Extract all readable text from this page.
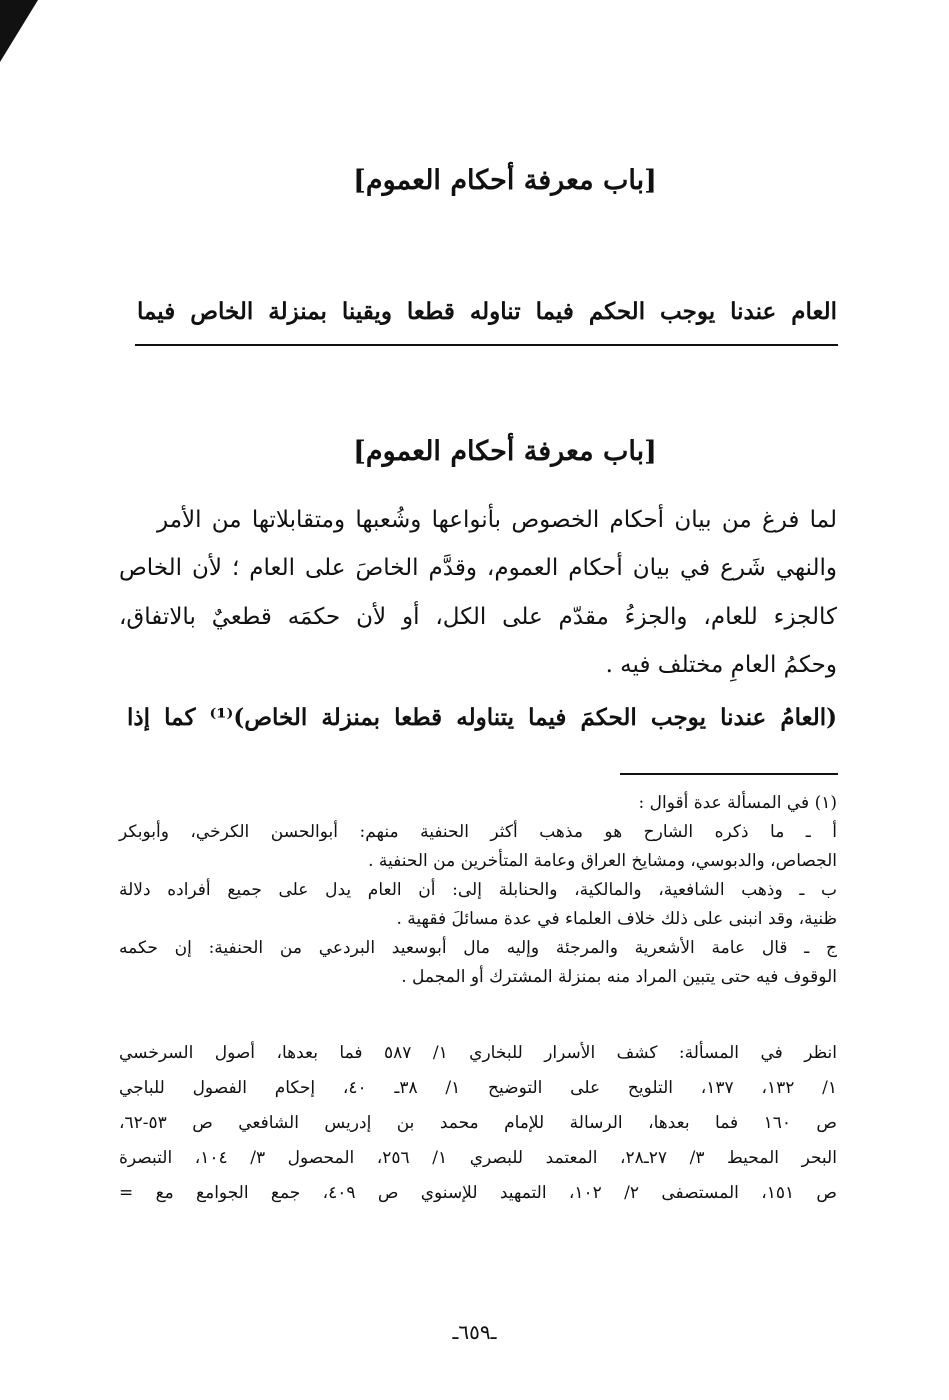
[باب معرفة أحكام العموم]
العام عندنا يوجب الحكم فيما تناوله قطعا ويقينا بمنزلة الخاص فيما
[باب معرفة أحكام العموم]
لما فرغ من بيان أحكام الخصوص بأنواعها وشُعبها ومتقابلاتها من الأمر
والنهي شَرع في بيان أحكام العموم، وقدَّم الخاصَ على العام ؛ لأن الخاص
كالجزء للعام، والجزءُ مقدّم على الكل، أو لأن حكمَه قطعيٌ بالاتفاق،
وحكمُ العامِ مختلف فيه .
(العامُ عندنا يوجب الحكمَ فيما يتناوله قطعا بمنزلة الخاص)⁽¹⁾ كما إذا
(١) في المسألة عدة أقوال :
أ ـ ما ذكره الشارح هو مذهب أكثر الحنفية منهم: أبوالحسن الكرخي، وأبوبكر
الجصاص، والدبوسي، ومشايخ العراق وعامة المتأخرين من الحنفية .
ب ـ وذهب الشافعية، والمالكية، والحنابلة إلى: أن العام يدل على جميع أفراده دلالة
ظنية، وقد انبنى على ذلك خلاف العلماء في عدة مسائلَ فقهية .
ج ـ قال عامة الأشعرية والمرجئة وإليه مال أبوسعيد البردعي من الحنفية: إن حكمه
الوقوف فيه حتى يتبين المراد منه بمنزلة المشترك أو المجمل .
انظر في المسألة: كشف الأسرار للبخاري ١/ ٥٨٧ فما بعدها، أصول السرخسي
١/ ١٣٢، ١٣٧، التلويح على التوضيح ١/ ٣٨ـ ٤٠، إحكام الفصول للباجي
ص ١٦٠ فما بعدها، الرسالة للإمام محمد بن إدريس الشافعي ص ٥٣-٦٢،
البحر المحيط ٣/ ٢٧ـ٢٨، المعتمد للبصري ١/ ٢٥٦، المحصول ٣/ ١٠٤، التبصرة
ص ١٥١، المستصفى ٢/ ١٠٢، التمهيد للإسنوي ص ٤٠٩، جمع الجوامع مع =
ـ٦٥٩ـ
